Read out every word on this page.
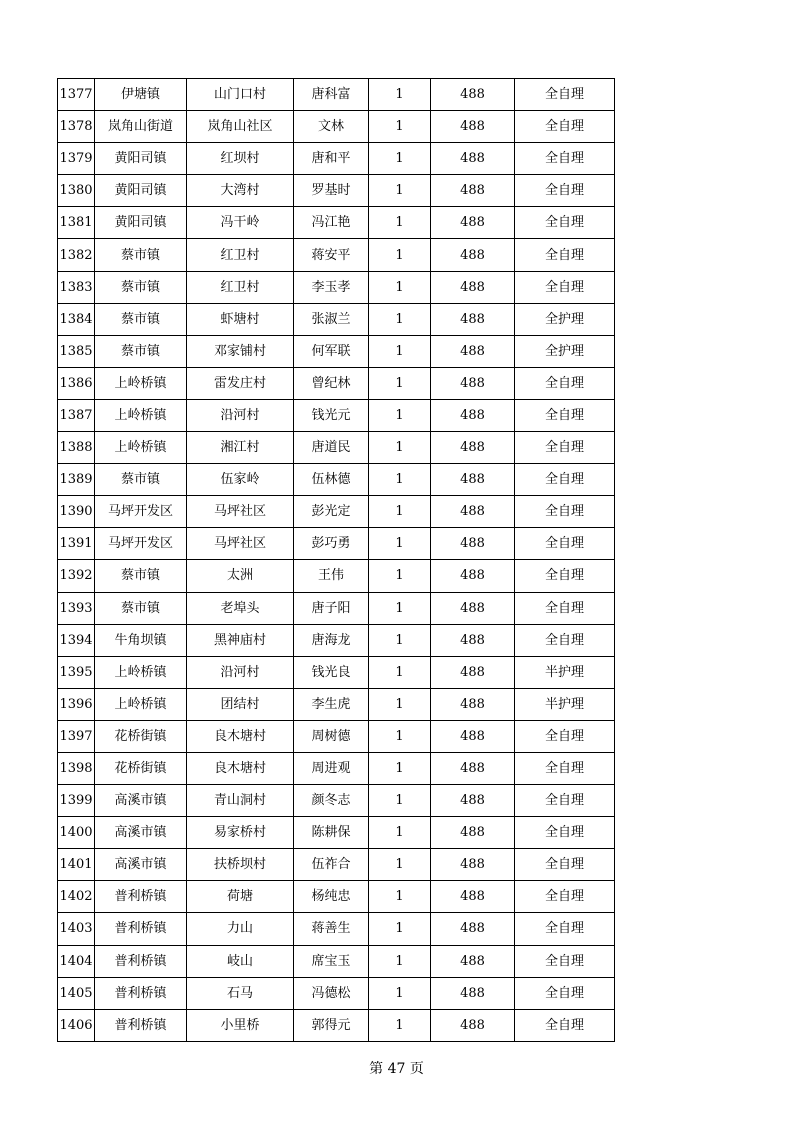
1377	伊塘镇	山门口村	唐科富	1	488	全自理
1378	岚角山街道	岚角山社区	文林	1	488	全自理
1379	黄阳司镇	红坝村	唐和平	1	488	全自理
1380	黄阳司镇	大湾村	罗基时	1	488	全自理
1381	黄阳司镇	冯干岭	冯江艳	1	488	全自理
1382	蔡市镇	红卫村	蒋安平	1	488	全自理
1383	蔡市镇	红卫村	李玉孝	1	488	全自理
1384	蔡市镇	虾塘村	张淑兰	1	488	全护理
1385	蔡市镇	邓家铺村	何军联	1	488	全护理
1386	上岭桥镇	雷发庄村	曾纪林	1	488	全自理
1387	上岭桥镇	沿河村	钱光元	1	488	全自理
1388	上岭桥镇	湘江村	唐道民	1	488	全自理
1389	蔡市镇	伍家岭	伍林德	1	488	全自理
1390	马坪开发区	马坪社区	彭光定	1	488	全自理
1391	马坪开发区	马坪社区	彭巧勇	1	488	全自理
1392	蔡市镇	太洲	王伟	1	488	全自理
1393	蔡市镇	老埠头	唐子阳	1	488	全自理
1394	牛角坝镇	黑神庙村	唐海龙	1	488	全自理
1395	上岭桥镇	沿河村	钱光良	1	488	半护理
1396	上岭桥镇	团结村	李生虎	1	488	半护理
1397	花桥街镇	良木塘村	周树德	1	488	全自理
1398	花桥街镇	良木塘村	周进观	1	488	全自理
1399	高溪市镇	青山洞村	颜冬志	1	488	全自理
1400	高溪市镇	易家桥村	陈耕保	1	488	全自理
1401	高溪市镇	扶桥坝村	伍祚合	1	488	全自理
1402	普利桥镇	荷塘	杨纯忠	1	488	全自理
1403	普利桥镇	力山	蒋善生	1	488	全自理
1404	普利桥镇	岐山	席宝玉	1	488	全自理
1405	普利桥镇	石马	冯德松	1	488	全自理
1406	普利桥镇	小里桥	郭得元	1	488	全自理
第 47 页
